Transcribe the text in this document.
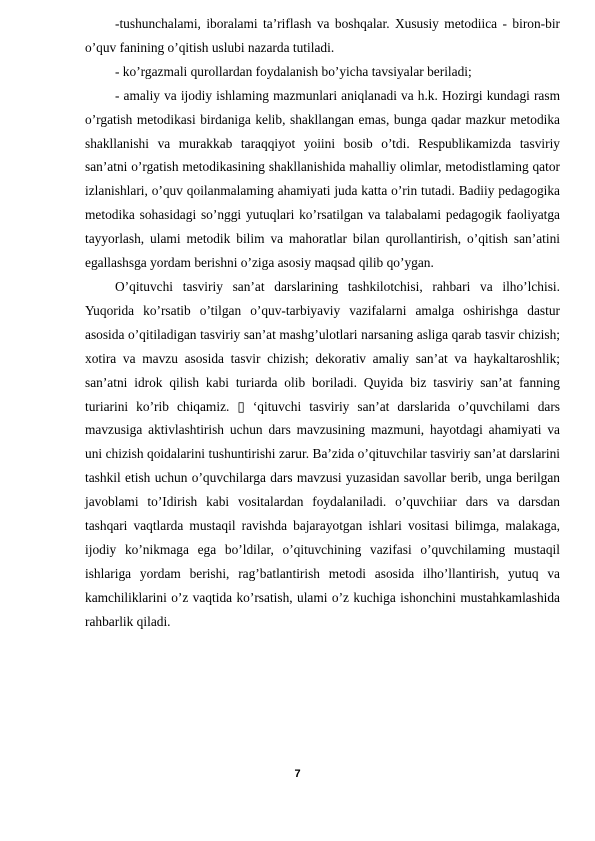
-tushunchalami, iboralami ta’riflash va boshqalar. Xususiy metodiica - biron-bir o’quv fanining o’qitish uslubi nazarda tutiladi.

- ko’rgazmali qurollardan foydalanish bo’yicha tavsiyalar beriladi;

- amaliy va ijodiy ishlaming mazmunlari aniqlanadi va h.k. Hozirgi kundagi rasm o’rgatish metodikasi birdaniga kelib, shakllangan emas, bunga qadar mazkur metodika shakllanishi va murakkab taraqqiyot yoiini bosib o’tdi. Respublikamizda tasviriy san’atni o’rgatish metodikasining shakllanishida mahalliy olimlar, metodistlaming qator izlanishlari, o’quv qoilanmalaming ahamiyati juda katta o’rin tutadi. Badiiy pedagogika metodika sohasidagi so’nggi yutuqlari ko’rsatilgan va talabalami pedagogik faoliyatga tayyorlash, ulami metodik bilim va mahoratlar bilan qurollantirish, o’qitish san’atini egallashsga yordam berishni o’ziga asosiy maqsad qilib qo’ygan.

O’qituvchi tasviriy san’at darslarining tashkilotchisi, rahbari va ilho’lchisi. Yuqorida ko’rsatib o’tilgan o’quv-tarbiyaviy vazifalarni amalga oshirishga dastur asosida o’qitiladigan tasviriy san’at mashg’ulotlari narsaning asliga qarab tasvir chizish; xotira va mavzu asosida tasvir chizish; dekorativ amaliy san’at va haykaltaroshlik; san’atni idrok qilish kabi turiarda olib boriladi. Quyida biz tasviriy san’at fanning turiarini ko’rib chiqamiz. ▯ ‘qituvchi tasviriy san’at darslarida o’quvchilami dars mavzusiga aktivlashtirish uchun dars mavzusining mazmuni, hayotdagi ahamiyati va uni chizish qoidalarini tushuntirishi zarur. Ba’zida o’qituvchilar tasviriy san’at darslarini tashkil etish uchun o’quvchilarga dars mavzusi yuzasidan savollar berib, unga berilgan javoblami to’Idirish kabi vositalardan foydalaniladi. o’quvchiiar dars va darsdan tashqari vaqtlarda mustaqil ravishda bajarayotgan ishlari vositasi bilimga, malakaga, ijodiy ko’nikmaga ega bo’ldilar, o’qituvchining vazifasi o’quvchilaming mustaqil ishlariga yordam berishi, rag’batlantirish metodi asosida ilho’llantirish, yutuq va kamchiliklarini o’z vaqtida ko’rsatish, ulami o’z kuchiga ishonchini mustahkamlashida rahbarlik qiladi.

7
